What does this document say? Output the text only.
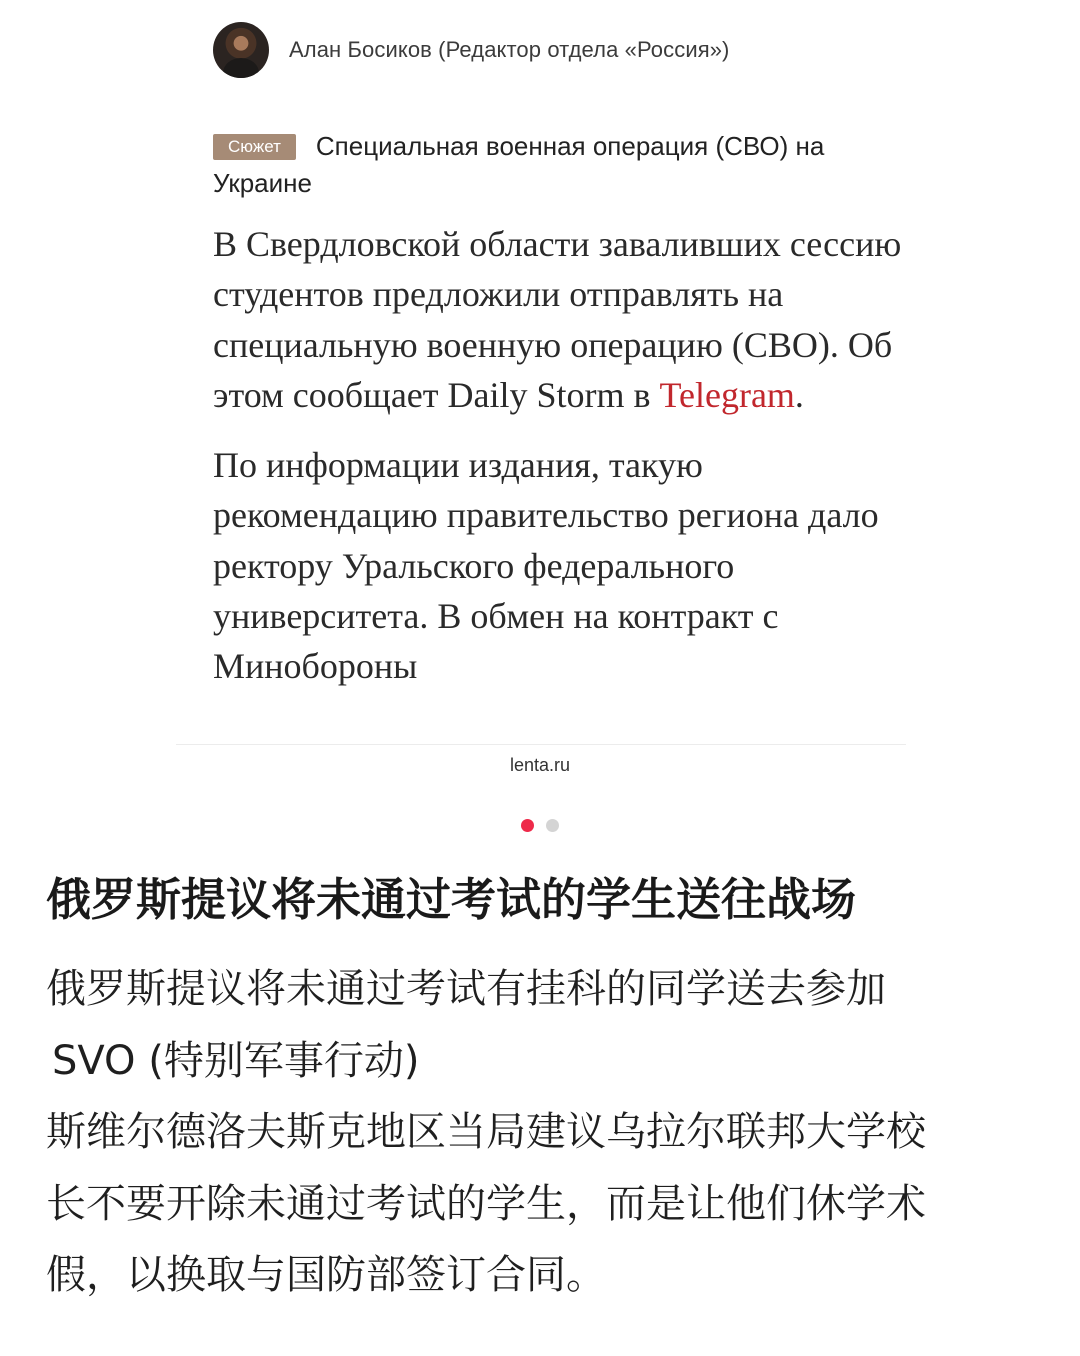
Алан Босиков (Редактор отдела «Россия»)
Сюжет Специальная военная операция (СВО) на Украине

В Свердловской области заваливших сессию студентов предложили отправлять на специальную военную операцию (СВО). Об этом сообщает Daily Storm в Telegram.

По информации издания, такую рекомендацию правительство региона дало ректору Уральского федерального университета. В обмен на контракт с Минобороны

lenta.ru
俄罗斯提议将未通过考试的学生送往战场
俄罗斯提议将未通过考试有挂科的同学送去参加
SVO (特别军事行动)
斯维尔德洛夫斯克地区当局建议乌拉尔联邦大学校
长不要开除未通过考试的学生，而是让他们休学术
假，以换取与国防部签订合同。
